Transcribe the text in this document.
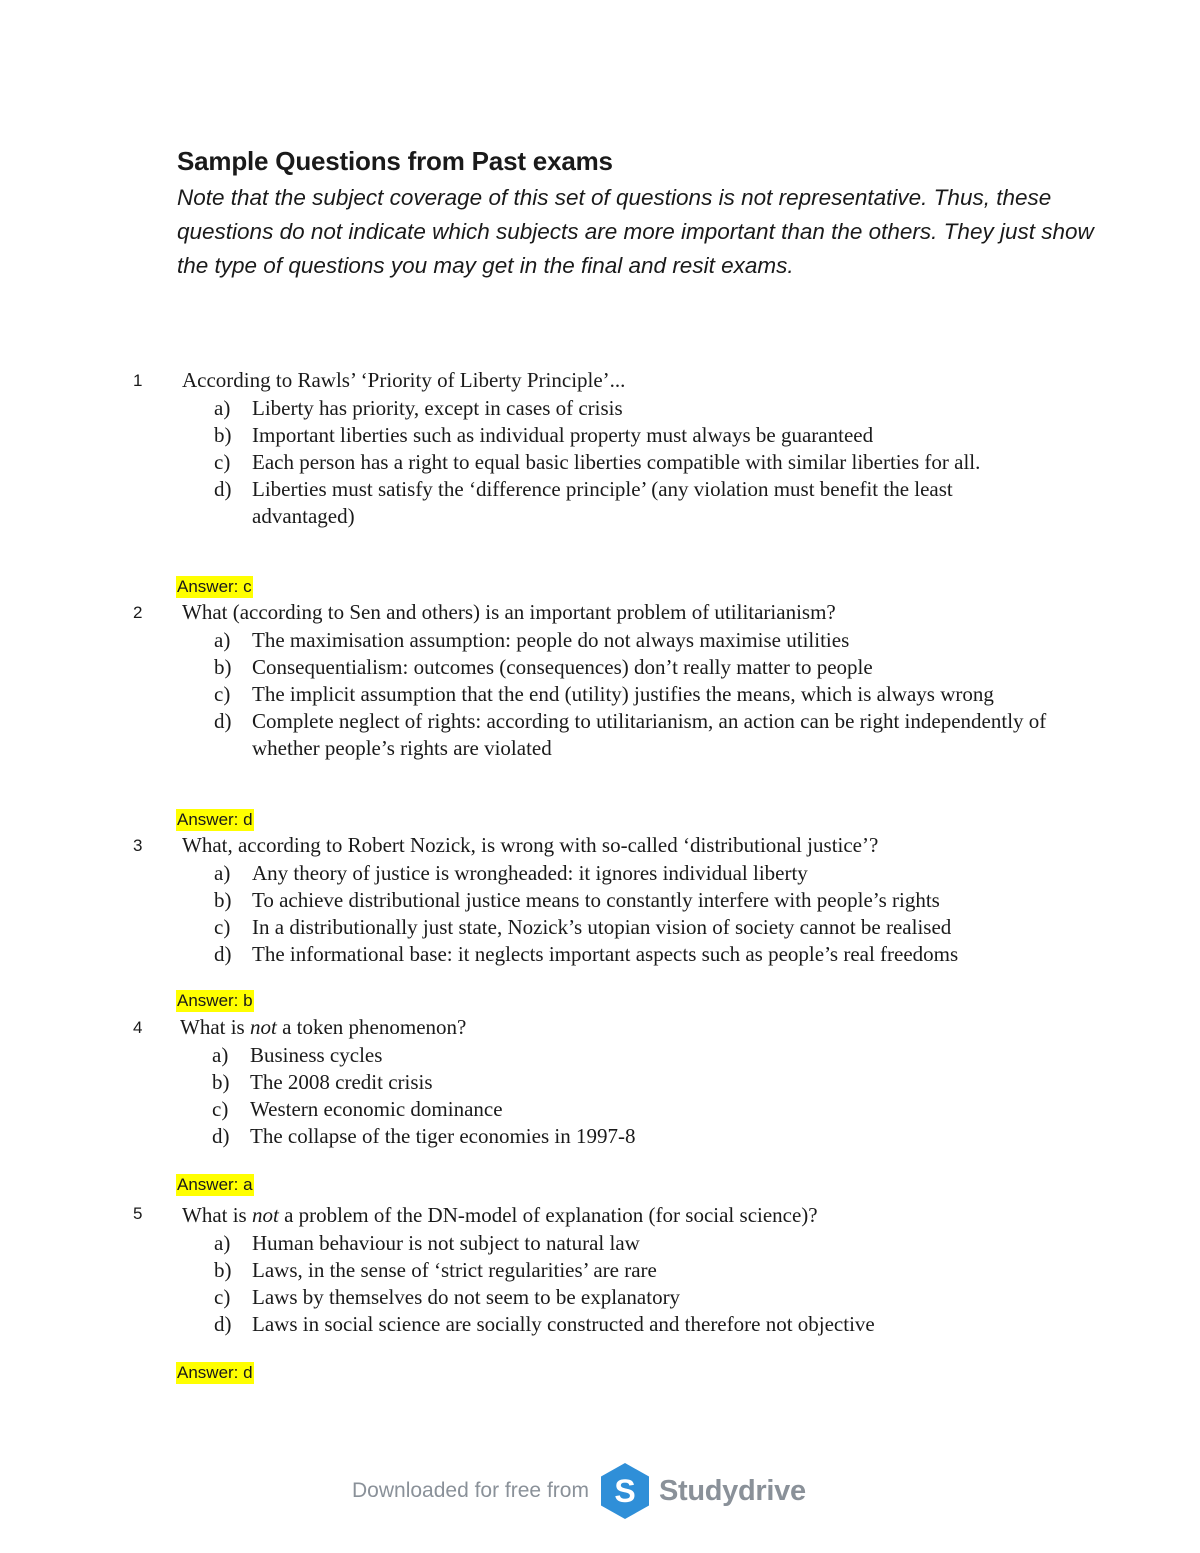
Sample Questions from Past exams
Note that the subject coverage of this set of questions is not representative. Thus, these questions do not indicate which subjects are more important than the others. They just show the type of questions you may get in the final and resit exams.
1 According to Rawls’ ‘Priority of Liberty Principle’...
a) Liberty has priority, except in cases of crisis
b) Important liberties such as individual property must always be guaranteed
c) Each person has a right to equal basic liberties compatible with similar liberties for all.
d) Liberties must satisfy the ‘difference principle’ (any violation must benefit the least advantaged)
Answer: c
2 What (according to Sen and others) is an important problem of utilitarianism?
a) The maximisation assumption: people do not always maximise utilities
b) Consequentialism: outcomes (consequences) don’t really matter to people
c) The implicit assumption that the end (utility) justifies the means, which is always wrong
d) Complete neglect of rights: according to utilitarianism, an action can be right independently of whether people’s rights are violated
Answer: d
3 What, according to Robert Nozick, is wrong with so-called ‘distributional justice’?
a) Any theory of justice is wrongheaded: it ignores individual liberty
b) To achieve distributional justice means to constantly interfere with people’s rights
c) In a distributionally just state, Nozick’s utopian vision of society cannot be realised
d) The informational base: it neglects important aspects such as people’s real freedoms
Answer: b
4 What is not a token phenomenon?
a) Business cycles
b) The 2008 credit crisis
c) Western economic dominance
d) The collapse of the tiger economies in 1997-8
Answer: a
5 What is not a problem of the DN-model of explanation (for social science)?
a) Human behaviour is not subject to natural law
b) Laws, in the sense of ‘strict regularities’ are rare
c) Laws by themselves do not seem to be explanatory
d) Laws in social science are socially constructed and therefore not objective
Answer: d
Downloaded for free from S Studydrive
